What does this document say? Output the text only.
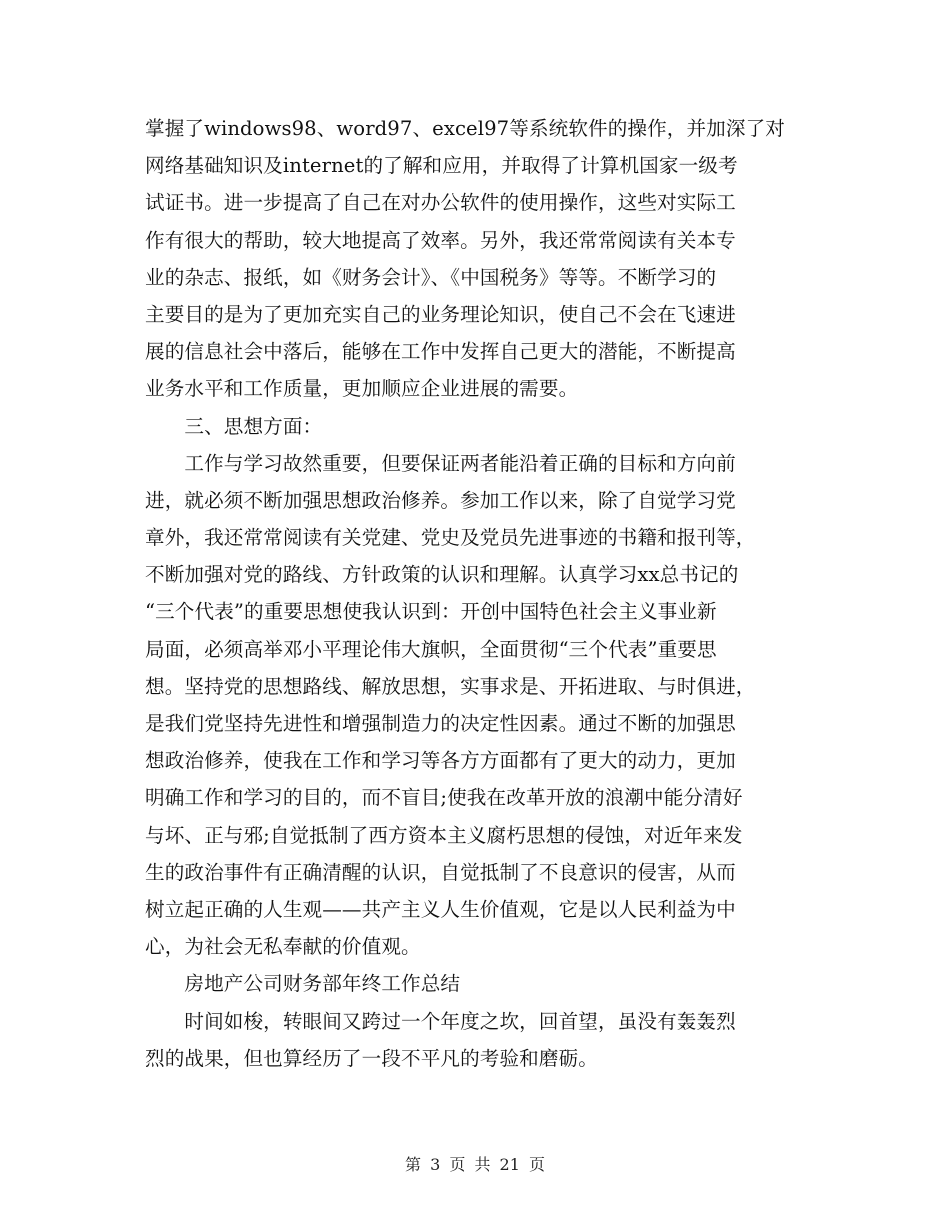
掌握了windows98、word97、excel97等系统软件的操作，并加深了对
网络基础知识及internet的了解和应用，并取得了计算机国家一级考
试证书。进一步提高了自己在对办公软件的使用操作，这些对实际工
作有很大的帮助，较大地提高了效率。另外，我还常常阅读有关本专
业的杂志、报纸，如《财务会计》、《中国税务》等等。不断学习的
主要目的是为了更加充实自己的业务理论知识，使自己不会在飞速进
展的信息社会中落后，能够在工作中发挥自己更大的潜能，不断提高
业务水平和工作质量，更加顺应企业进展的需要。
　　三、思想方面：
　　工作与学习故然重要，但要保证两者能沿着正确的目标和方向前
进，就必须不断加强思想政治修养。参加工作以来，除了自觉学习党
章外，我还常常阅读有关党建、党史及党员先进事迹的书籍和报刊等，
不断加强对党的路线、方针政策的认识和理解。认真学习xx总书记的
“三个代表”的重要思想使我认识到：开创中国特色社会主义事业新
局面，必须高举邓小平理论伟大旗帜，全面贯彻“三个代表”重要思
想。坚持党的思想路线、解放思想，实事求是、开拓进取、与时俱进，
是我们党坚持先进性和增强制造力的决定性因素。通过不断的加强思
想政治修养，使我在工作和学习等各方方面都有了更大的动力，更加
明确工作和学习的目的，而不盲目;使我在改革开放的浪潮中能分清好
与坏、正与邪;自觉抵制了西方资本主义腐朽思想的侵蚀，对近年来发
生的政治事件有正确清醒的认识，自觉抵制了不良意识的侵害，从而
树立起正确的人生观——共产主义人生价值观，它是以人民利益为中
心，为社会无私奉献的价值观。
　　房地产公司财务部年终工作总结
　　时间如梭，转眼间又跨过一个年度之坎，回首望，虽没有轰轰烈
烈的战果，但也算经历了一段不平凡的考验和磨砺。
第 3 页 共 21 页
